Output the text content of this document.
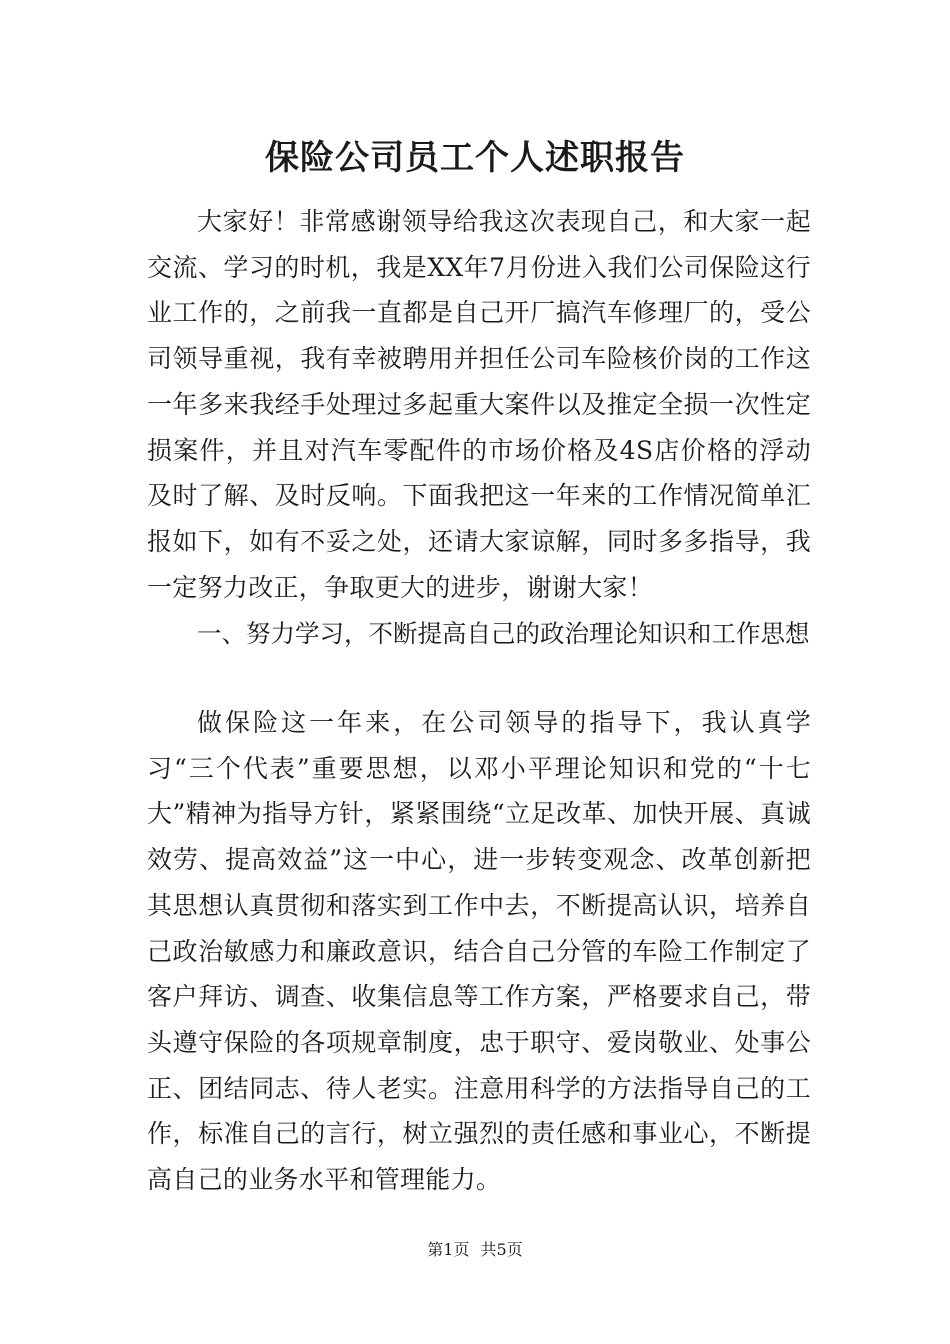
保险公司员工个人述职报告

大家好！非常感谢领导给我这次表现自己，和大家一起交流、学习的时机，我是XX年7月份进入我们公司保险这行业工作的，之前我一直都是自己开厂搞汽车修理厂的，受公司领导重视，我有幸被聘用并担任公司车险核价岗的工作这一年多来我经手处理过多起重大案件以及推定全损一次性定损案件，并且对汽车零配件的市场价格及4S店价格的浮动及时了解、及时反响。下面我把这一年来的工作情况简单汇报如下，如有不妥之处，还请大家谅解，同时多多指导，我一定努力改正，争取更大的进步，谢谢大家！

一、努力学习，不断提高自己的政治理论知识和工作思想

做保险这一年来，在公司领导的指导下，我认真学习“三个代表”重要思想，以邓小平理论知识和党的“十七大”精神为指导方针，紧紧围绕“立足改革、加快开展、真诚效劳、提高效益”这一中心，进一步转变观念、改革创新把其思想认真贯彻和落实到工作中去，不断提高认识，培养自己政治敏感力和廉政意识，结合自己分管的车险工作制定了客户拜访、调查、收集信息等工作方案，严格要求自己，带头遵守保险的各项规章制度，忠于职守、爱岗敬业、处事公正、团结同志、待人老实。注意用科学的方法指导自己的工作，标准自己的言行，树立强烈的责任感和事业心，不断提高自己的业务水平和管理能力。

第1页 共5页
